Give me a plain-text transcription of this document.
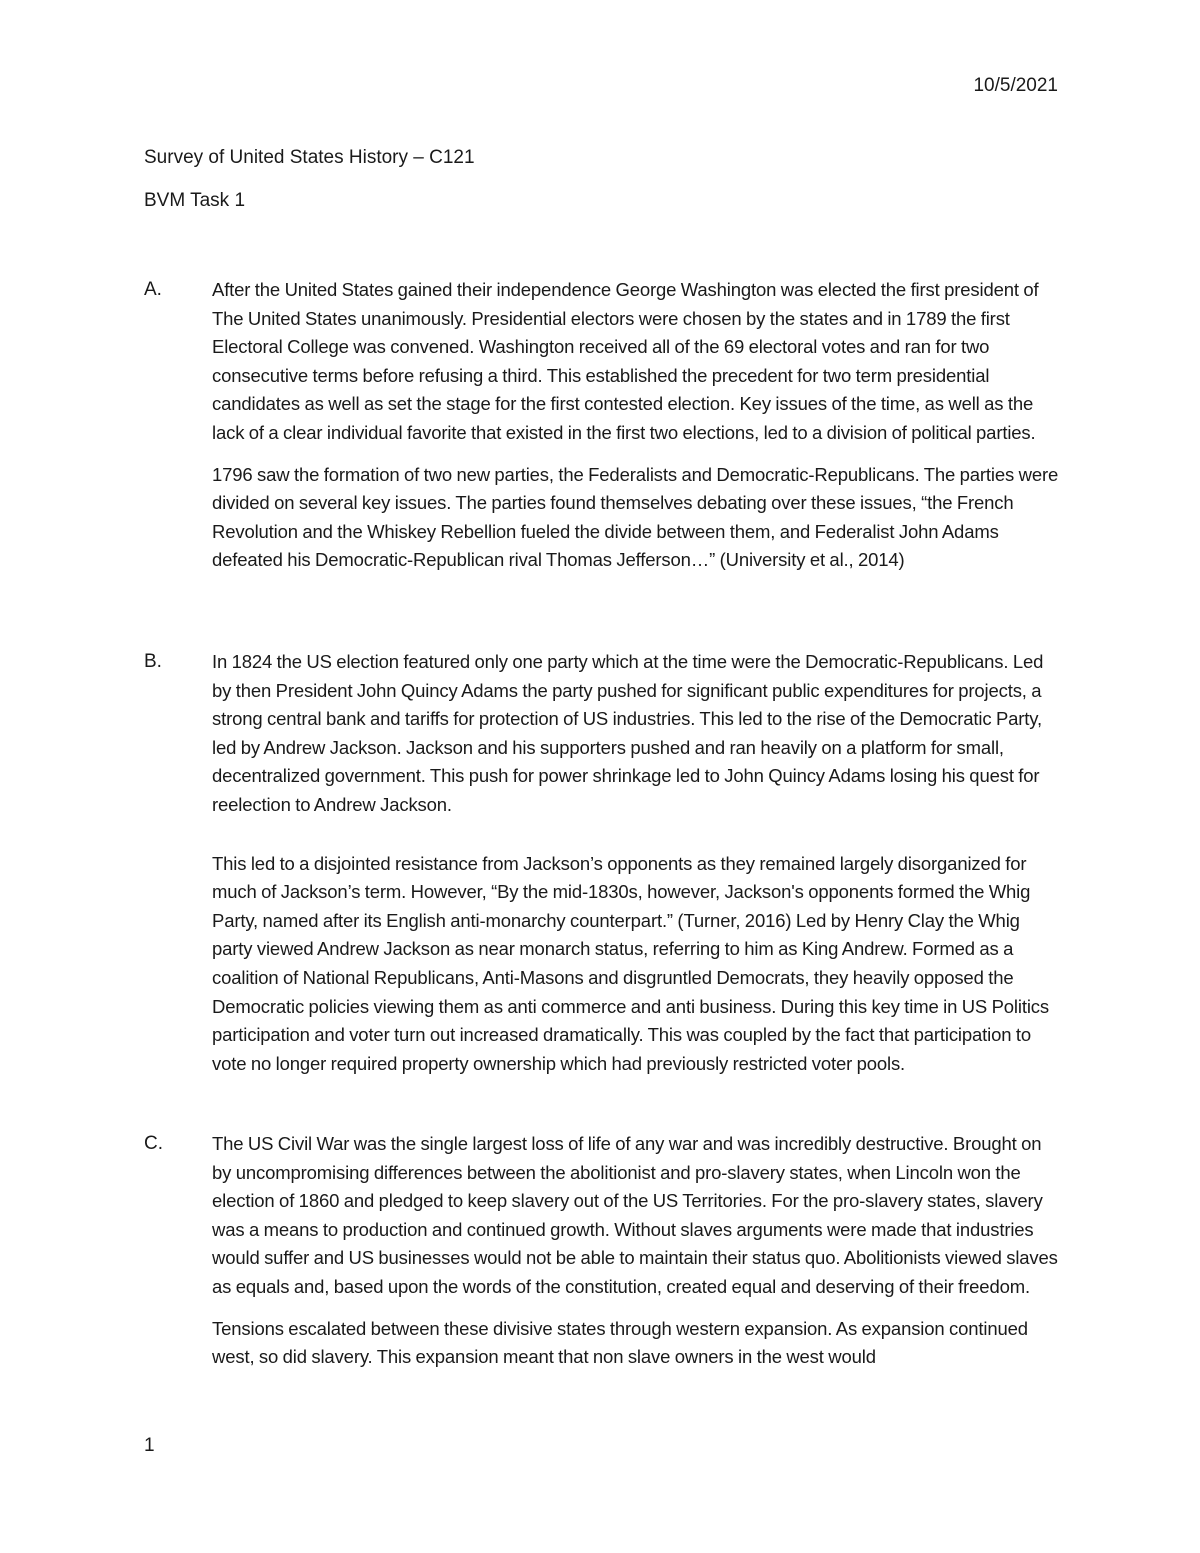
10/5/2021
Survey of United States History – C121
BVM Task 1
A.	After the United States gained their independence George Washington was elected the first president of The United States unanimously. Presidential electors were chosen by the states and in 1789 the first Electoral College was convened. Washington received all of the 69 electoral votes and ran for two consecutive terms before refusing a third. This established the precedent for two term presidential candidates as well as set the stage for the first contested election. Key issues of the time, as well as the lack of a clear individual favorite that existed in the first two elections, led to a division of political parties.

1796 saw the formation of two new parties, the Federalists and Democratic-Republicans. The parties were divided on several key issues. The parties found themselves debating over these issues, “the French Revolution and the Whiskey Rebellion fueled the divide between them, and Federalist John Adams defeated his Democratic-Republican rival Thomas Jefferson…” (University et al., 2014)

B.	In 1824 the US election featured only one party which at the time were the Democratic-Republicans. Led by then President John Quincy Adams the party pushed for significant public expenditures for projects, a strong central bank and tariffs for protection of US industries. This led to the rise of the Democratic Party, led by Andrew Jackson. Jackson and his supporters pushed and ran heavily on a platform for small, decentralized government. This push for power shrinkage led to John Quincy Adams losing his quest for reelection to Andrew Jackson.

This led to a disjointed resistance from Jackson’s opponents as they remained largely disorganized for much of Jackson’s term. However, “By the mid-1830s, however, Jackson's opponents formed the Whig Party, named after its English anti-monarchy counterpart.” (Turner, 2016) Led by Henry Clay the Whig party viewed Andrew Jackson as near monarch status, referring to him as King Andrew. Formed as a coalition of National Republicans, Anti-Masons and disgruntled Democrats, they heavily opposed the Democratic policies viewing them as anti commerce and anti business. During this key time in US Politics participation and voter turn out increased dramatically. This was coupled by the fact that participation to vote no longer required property ownership which had previously restricted voter pools.

C.	The US Civil War was the single largest loss of life of any war and was incredibly destructive. Brought on by uncompromising differences between the abolitionist and pro-slavery states, when Lincoln won the election of 1860 and pledged to keep slavery out of the US Territories. For the pro-slavery states, slavery was a means to production and continued growth. Without slaves arguments were made that industries would suffer and US businesses would not be able to maintain their status quo. Abolitionists viewed slaves as equals and, based upon the words of the constitution, created equal and deserving of their freedom.

Tensions escalated between these divisive states through western expansion. As expansion continued west, so did slavery. This expansion meant that non slave owners in the west would

1
